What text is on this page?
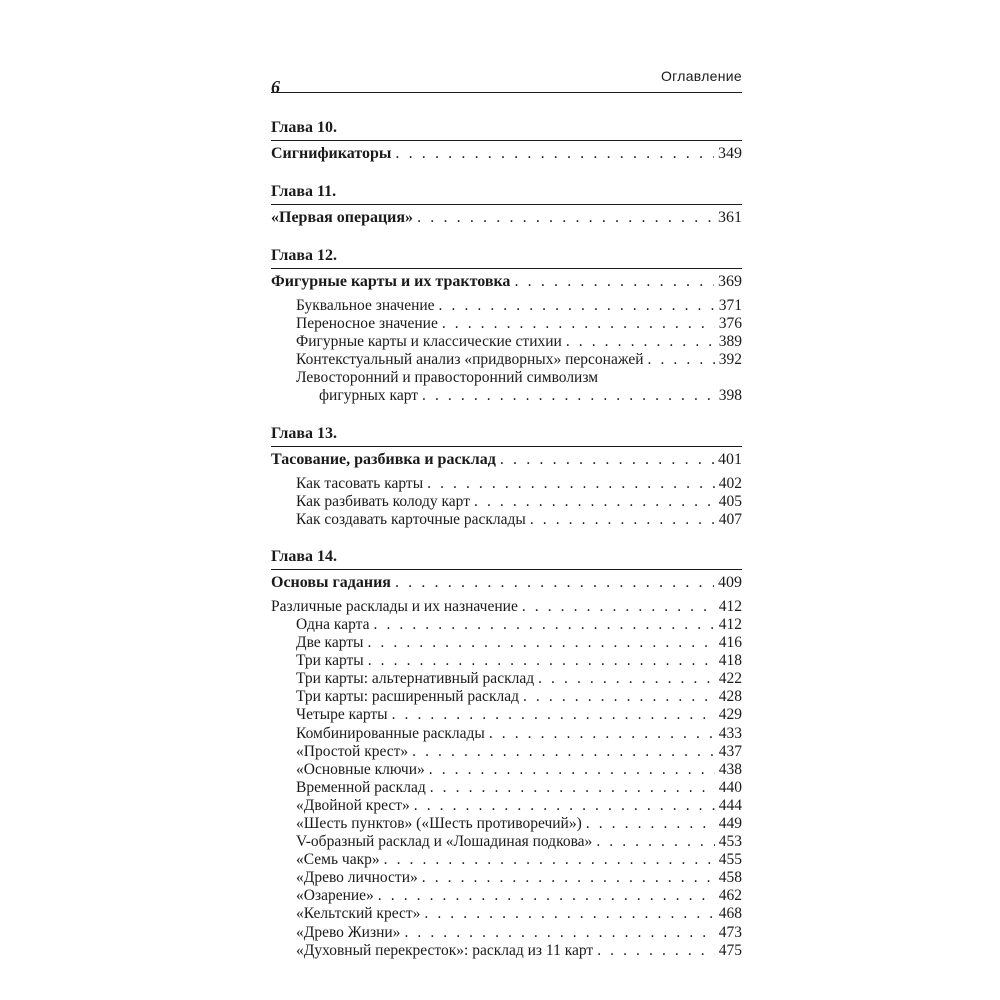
6
Оглавление
Глава 10.
Сигнификаторы . . .	349
Глава 11.
«Первая операция» . . .	361
Глава 12.
Фигурные карты и их трактовка . . .	369
Буквальное значение . . .	371
Переносное значение . . .	376
Фигурные карты и классические стихии . . .	389
Контекстуальный анализ «придворных» персонажей . . .	392
Левосторонний и правосторонний символизм
фигурных карт . . .	398
Глава 13.
Тасование, разбивка и расклад . . .	401
Как тасовать карты . . .	402
Как разбивать колоду карт . . .	405
Как создавать карточные расклады . . .	407
Глава 14.
Основы гадания . . .	409
Различные расклады и их назначение . . .	412
Одна карта . . .	412
Две карты . . .	416
Три карты . . .	418
Три карты: альтернативный расклад . . .	422
Три карты: расширенный расклад . . .	428
Четыре карты . . .	429
Комбинированные расклады . . .	433
«Простой крест» . . .	437
«Основные ключи» . . .	438
Временной расклад . . .	440
«Двойной крест» . . .	444
«Шесть пунктов» («Шесть противоречий») . . .	449
V-образный расклад и «Лошадиная подкова» . . .	453
«Семь чакр» . . .	455
«Древо личности» . . .	458
«Озарение» . . .	462
«Кельтский крест» . . .	468
«Древо Жизни» . . .	473
«Духовный перекресток»: расклад из 11 карт . . .	475
